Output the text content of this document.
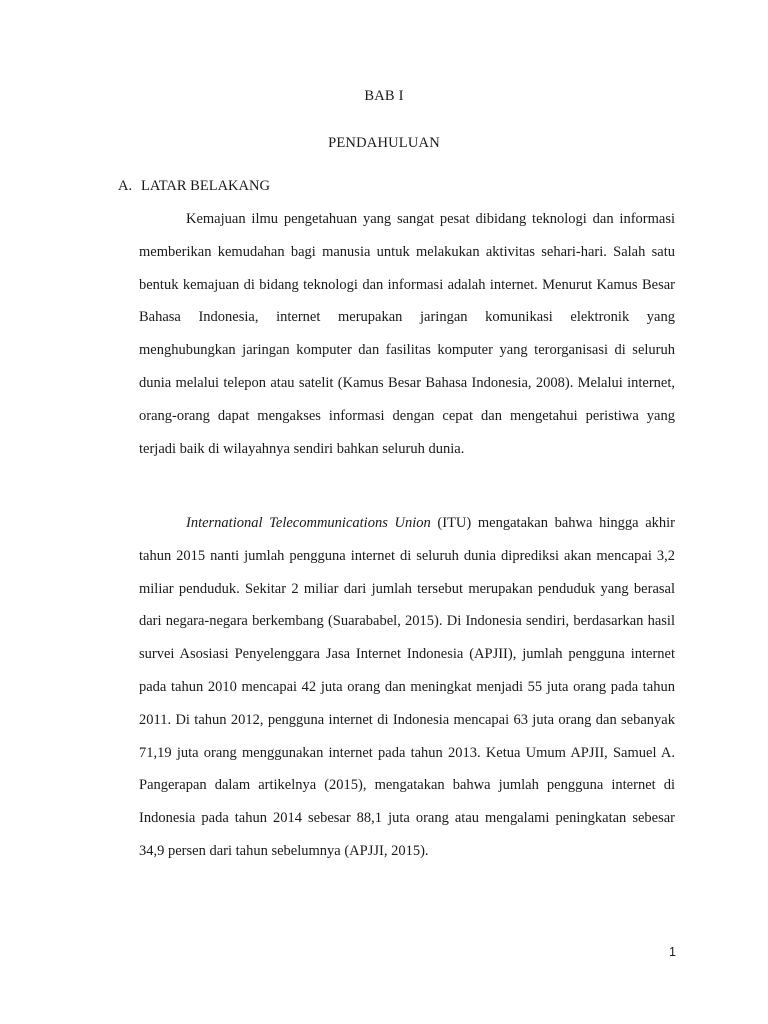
BAB I
PENDAHULUAN
A. LATAR BELAKANG

Kemajuan ilmu pengetahuan yang sangat pesat dibidang teknologi dan informasi memberikan kemudahan bagi manusia untuk melakukan aktivitas sehari-hari. Salah satu bentuk kemajuan di bidang teknologi dan informasi adalah internet. Menurut Kamus Besar Bahasa Indonesia, internet merupakan jaringan komunikasi elektronik yang menghubungkan jaringan komputer dan fasilitas komputer yang terorganisasi di seluruh dunia melalui telepon atau satelit (Kamus Besar Bahasa Indonesia, 2008). Melalui internet, orang-orang dapat mengakses informasi dengan cepat dan mengetahui peristiwa yang terjadi baik di wilayahnya sendiri bahkan seluruh dunia.

International Telecommunications Union (ITU) mengatakan bahwa hingga akhir tahun 2015 nanti jumlah pengguna internet di seluruh dunia diprediksi akan mencapai 3,2 miliar penduduk. Sekitar 2 miliar dari jumlah tersebut merupakan penduduk yang berasal dari negara-negara berkembang (Suarababel, 2015). Di Indonesia sendiri, berdasarkan hasil survei Asosiasi Penyelenggara Jasa Internet Indonesia (APJII), jumlah pengguna internet pada tahun 2010 mencapai 42 juta orang dan meningkat menjadi 55 juta orang pada tahun 2011. Di tahun 2012, pengguna internet di Indonesia mencapai 63 juta orang dan sebanyak 71,19 juta orang menggunakan internet pada tahun 2013. Ketua Umum APJII, Samuel A. Pangerapan dalam artikelnya (2015), mengatakan bahwa jumlah pengguna internet di Indonesia pada tahun 2014 sebesar 88,1 juta orang atau mengalami peningkatan sebesar 34,9 persen dari tahun sebelumnya (APJJI, 2015).

1
